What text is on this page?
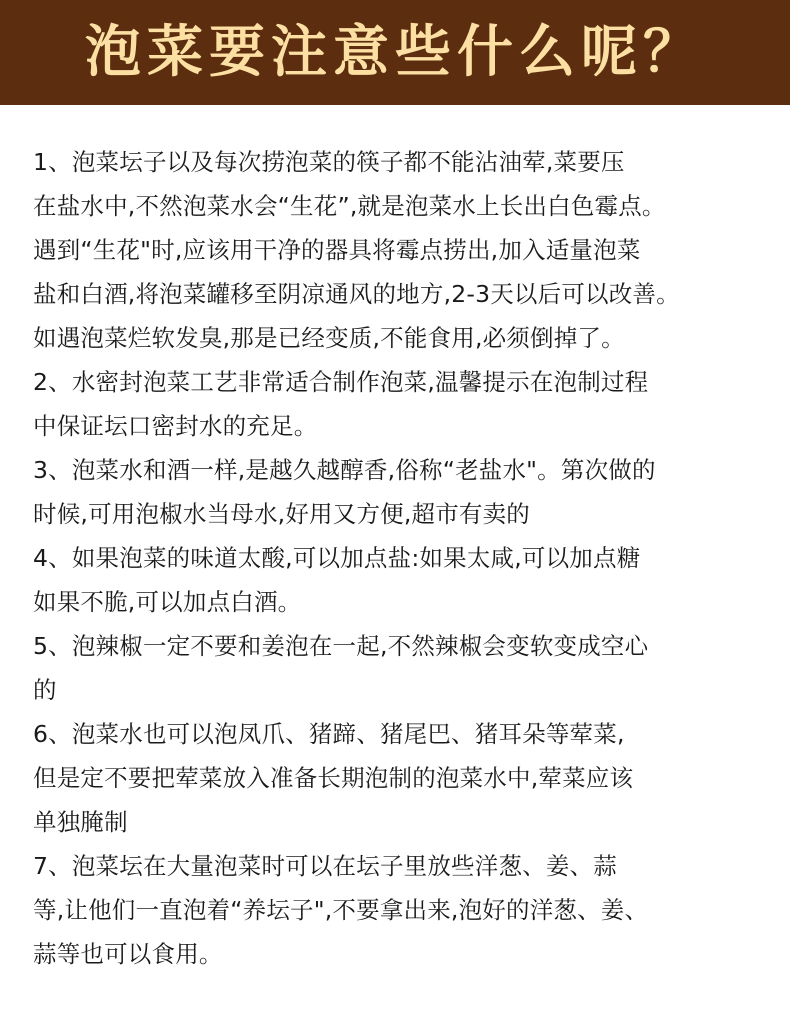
泡菜要注意些什么呢？
1、泡菜坛子以及每次捞泡菜的筷子都不能沾油荤,菜要压
在盐水中,不然泡菜水会“生花”,就是泡菜水上长出白色霉点。
遇到“生花"时,应该用干净的器具将霉点捞出,加入适量泡菜
盐和白酒,将泡菜罐移至阴凉通风的地方,2-3天以后可以改善。
如遇泡菜烂软发臭,那是已经变质,不能食用,必须倒掉了。
2、水密封泡菜工艺非常适合制作泡菜,温馨提示在泡制过程
中保证坛口密封水的充足。
3、泡菜水和酒一样,是越久越醇香,俗称“老盐水"。第次做的
时候,可用泡椒水当母水,好用又方便,超市有卖的
4、如果泡菜的味道太酸,可以加点盐:如果太咸,可以加点糖
如果不脆,可以加点白酒。
5、泡辣椒一定不要和姜泡在一起,不然辣椒会变软变成空心
的
6、泡菜水也可以泡凤爪、猪蹄、猪尾巴、猪耳朵等荤菜,
但是定不要把荤菜放入准备长期泡制的泡菜水中,荤菜应该
单独腌制
7、泡菜坛在大量泡菜时可以在坛子里放些洋葱、姜、蒜
等,让他们一直泡着“养坛子",不要拿出来,泡好的洋葱、姜、
蒜等也可以食用。
